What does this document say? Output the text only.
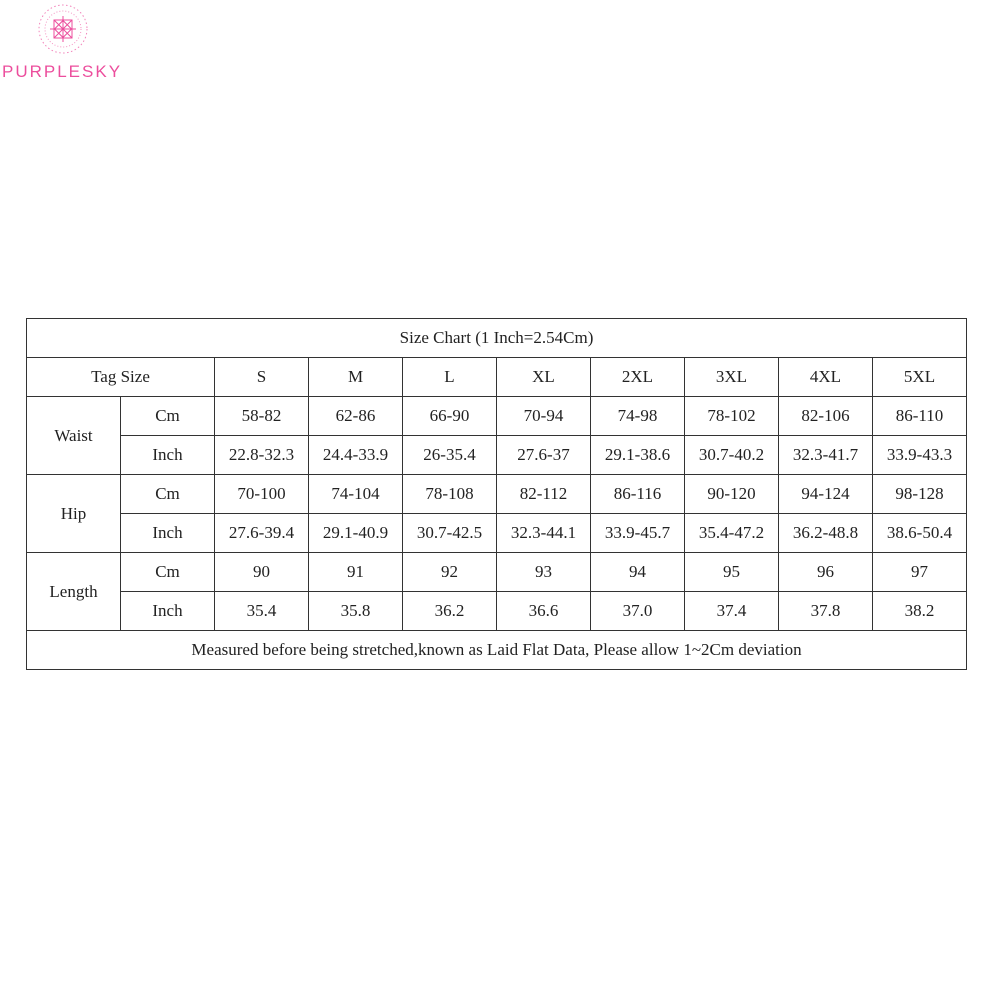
PURPLESKY
Size Chart (1 Inch=2.54Cm)									
Tag Size		S	M	L	XL	2XL	3XL	4XL	5XL
Waist	Cm	58-82	62-86	66-90	70-94	74-98	78-102	82-106	86-110
	Inch	22.8-32.3	24.4-33.9	26-35.4	27.6-37	29.1-38.6	30.7-40.2	32.3-41.7	33.9-43.3
Hip	Cm	70-100	74-104	78-108	82-112	86-116	90-120	94-124	98-128
	Inch	27.6-39.4	29.1-40.9	30.7-42.5	32.3-44.1	33.9-45.7	35.4-47.2	36.2-48.8	38.6-50.4
Length	Cm	90	91	92	93	94	95	96	97
	Inch	35.4	35.8	36.2	36.6	37.0	37.4	37.8	38.2
Measured before being stretched,known as Laid Flat Data, Please allow 1~2Cm deviation									
